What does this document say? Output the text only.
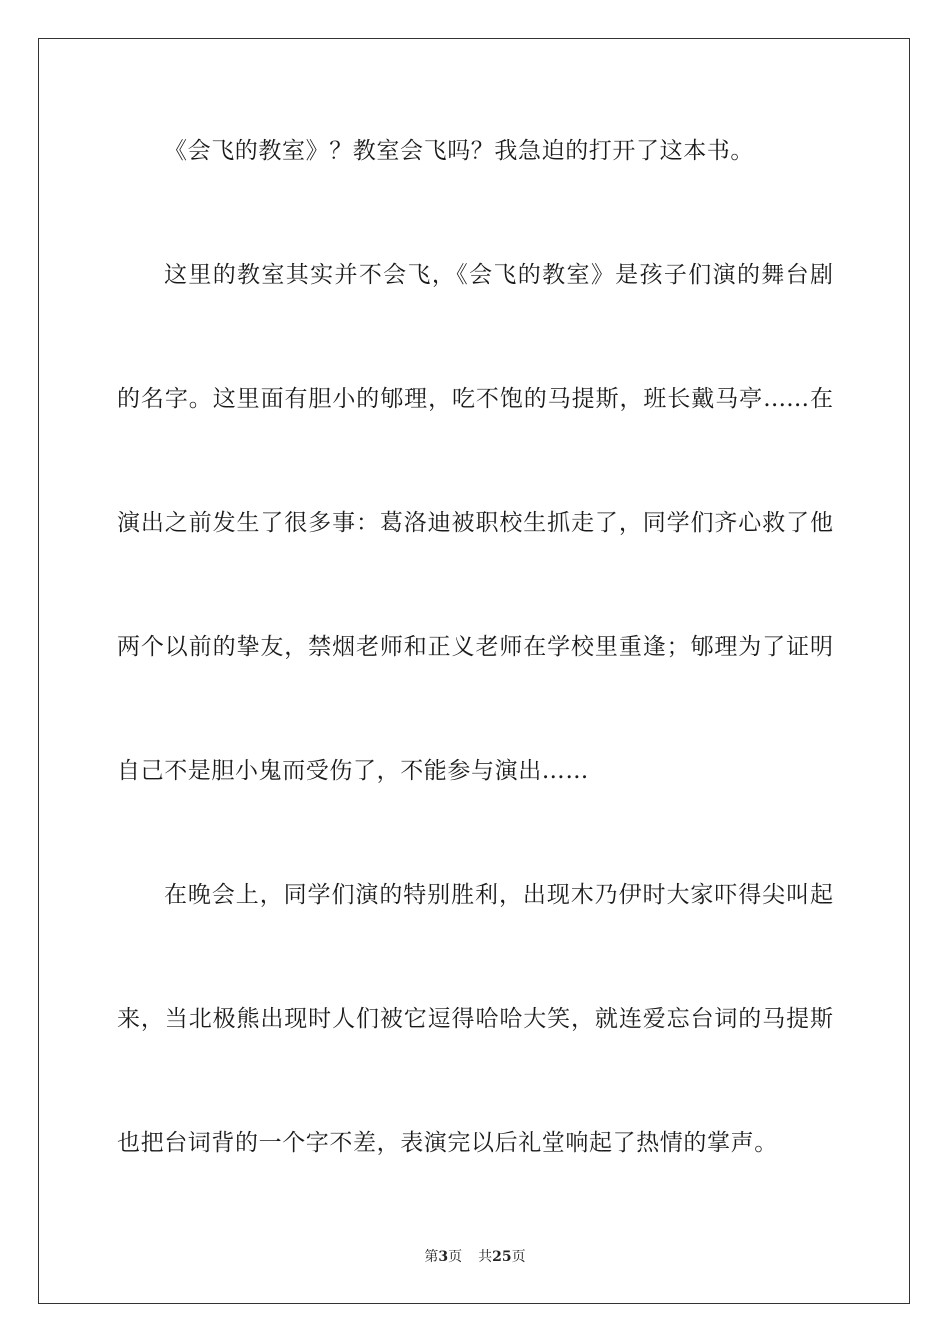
《会飞的教室》？教室会飞吗？我急迫的打开了这本书。
这里的教室其实并不会飞，《会飞的教室》是孩子们演的舞台剧
的名字。这里面有胆小的郇理，吃不饱的马提斯，班长戴马亭……在
演出之前发生了很多事：葛洛迪被职校生抓走了，同学们齐心救了他
两个以前的挚友，禁烟老师和正义老师在学校里重逢；郇理为了证明
自己不是胆小鬼而受伤了，不能参与演出……
在晚会上，同学们演的特别胜利，出现木乃伊时大家吓得尖叫起
来，当北极熊出现时人们被它逗得哈哈大笑，就连爱忘台词的马提斯
也把台词背的一个字不差，表演完以后礼堂响起了热情的掌声。
第3页 共25页
